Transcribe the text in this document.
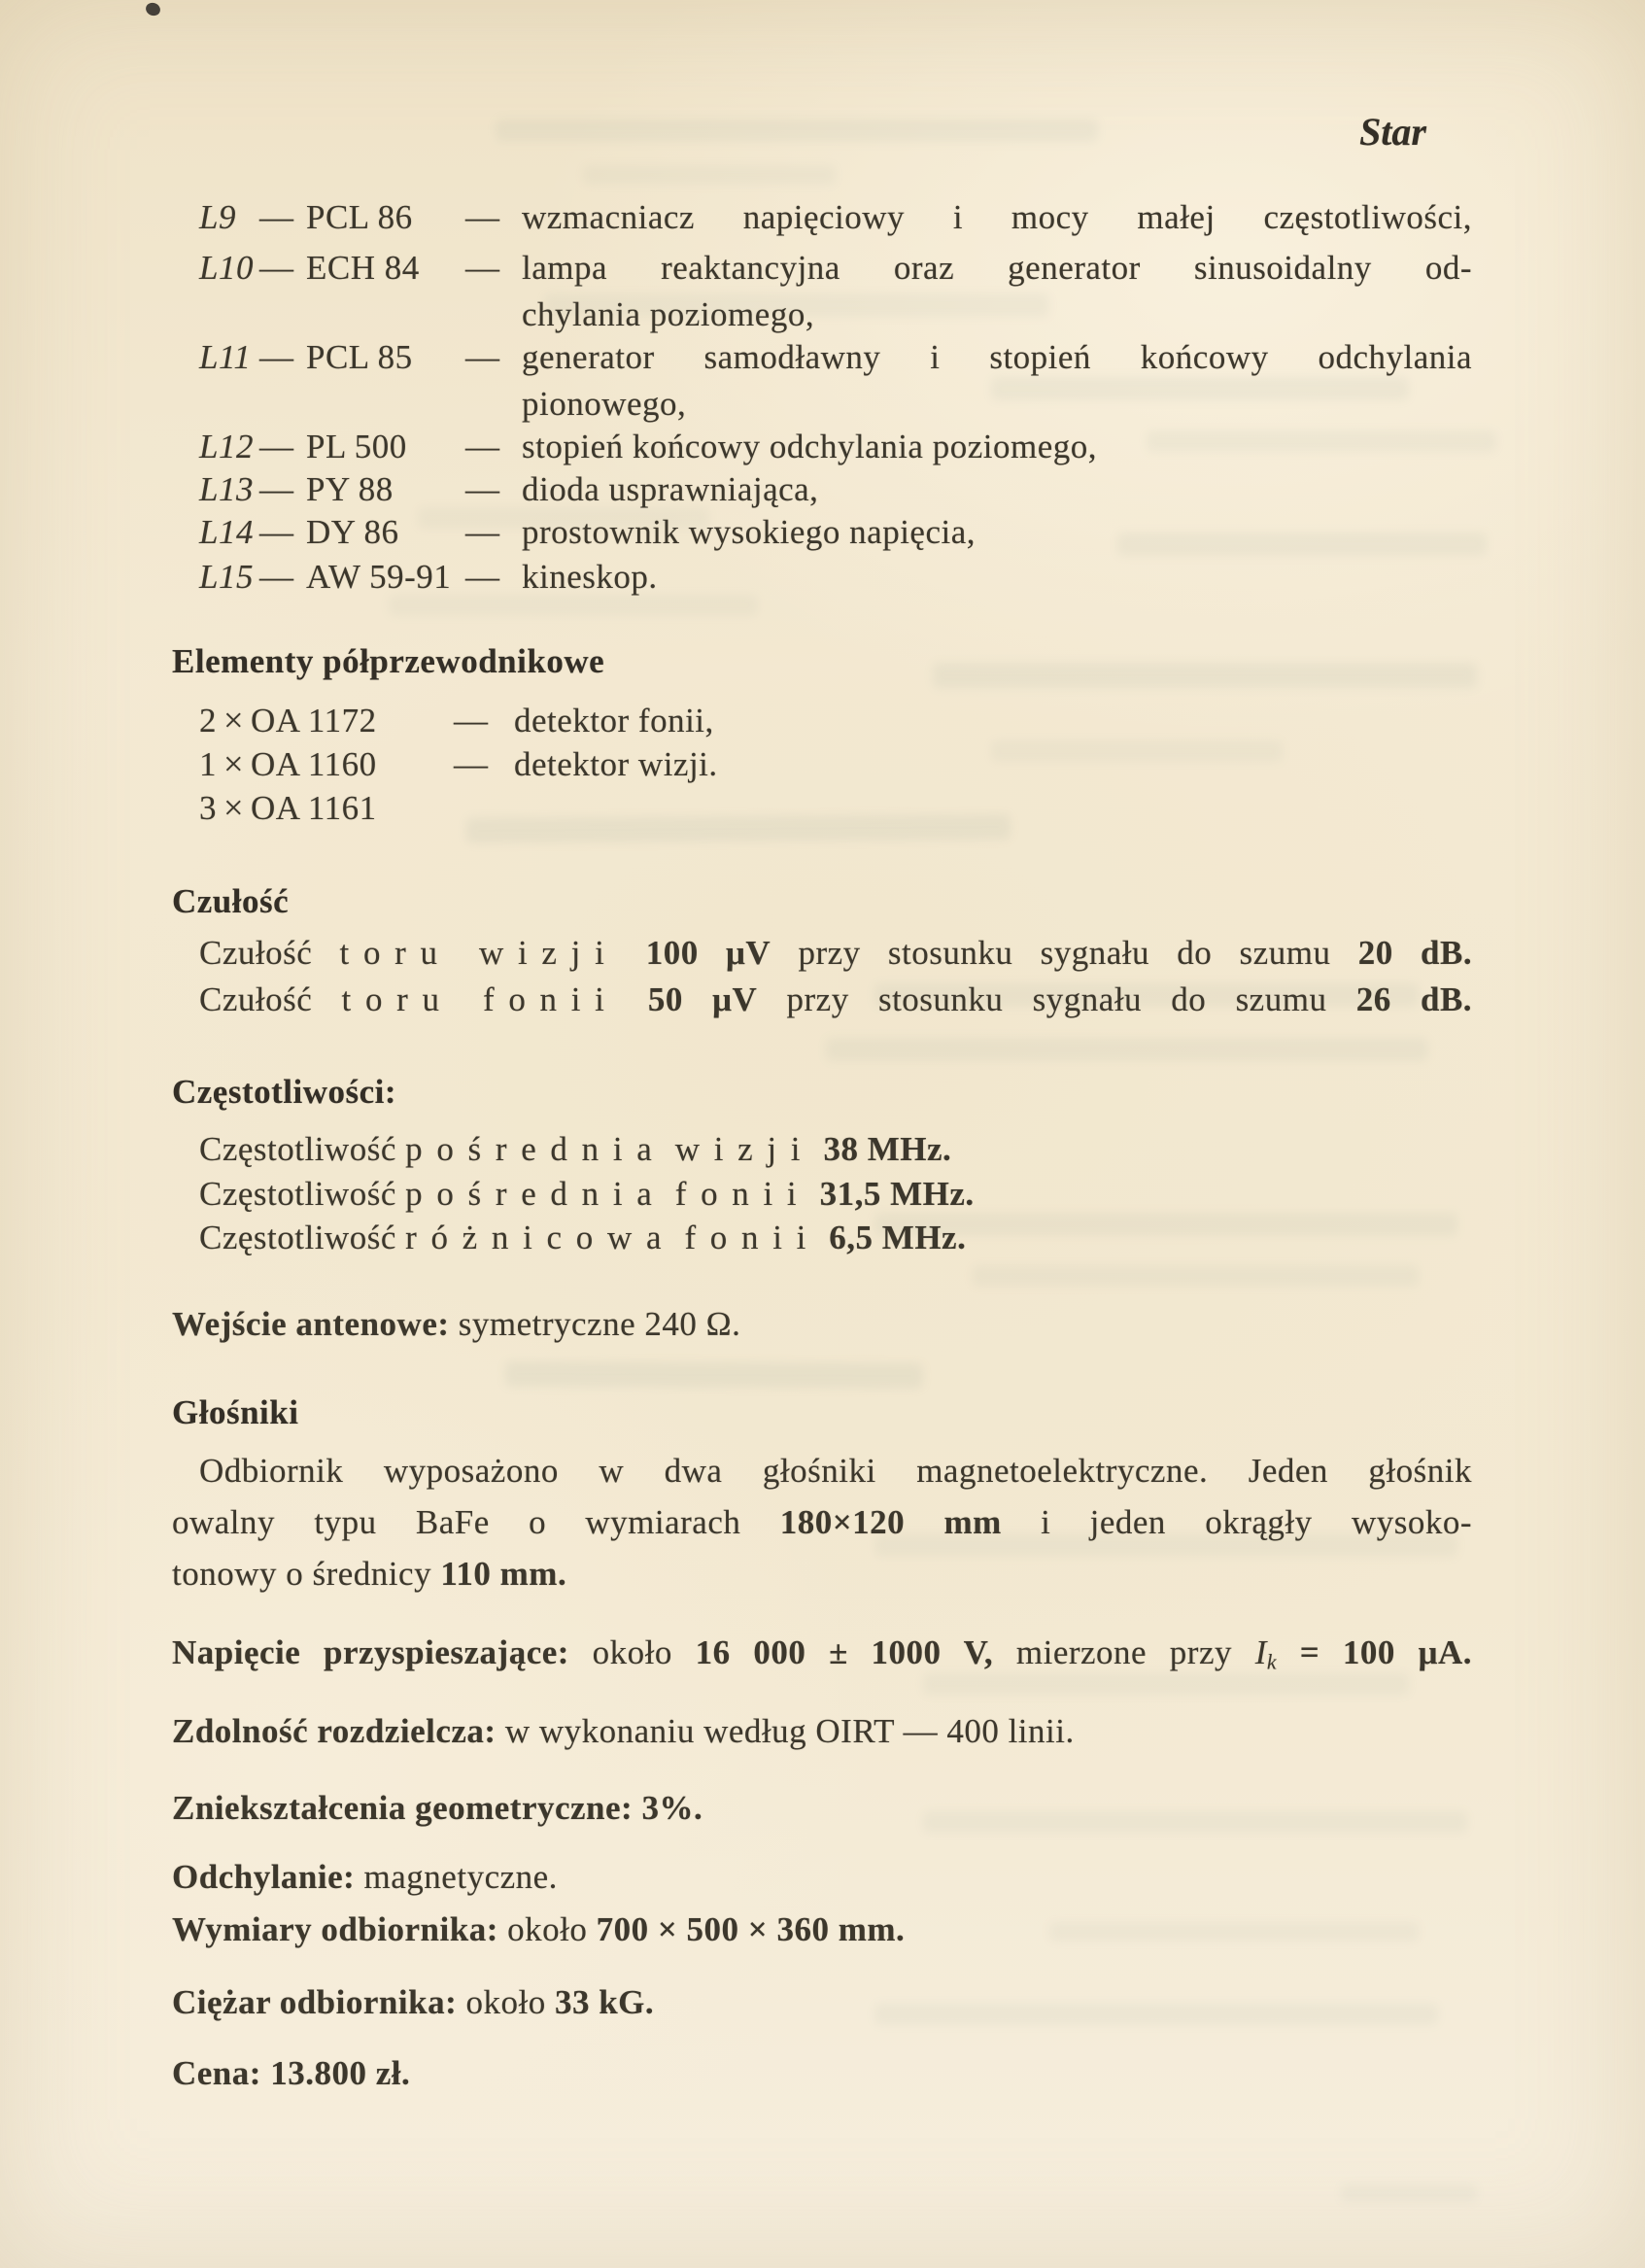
Star
L9 — PCL 86	— wzmacniacz napięciowy i mocy małej częstotliwości,
L10 — ECH 84	— lampa reaktancyjna oraz generator sinusoidalny od-
chylania poziomego,
L11 — PCL 85	— generator samodławny i stopień końcowy odchylania
pionowego,
L12 — PL 500	— stopień końcowy odchylania poziomego,
L13 — PY 88	— dioda usprawniająca,
L14 — DY 86	— prostownik wysokiego napięcia,
L15 — AW 59-91 — kineskop.
Elementy półprzewodnikowe
2 × OA 1172 — detektor fonii,
1 × OA 1160 — detektor wizji.
3 × OA 1161
Czułość
Czułość toru wizji 100 μV przy stosunku sygnału do szumu 20 dB.
Czułość toru fonii 50 μV przy stosunku sygnału do szumu 26 dB.
Częstotliwości:
Częstotliwość pośrednia wizji 38 MHz.
Częstotliwość pośrednia fonii 31,5 MHz.
Częstotliwość różnicowa fonii 6,5 MHz.
Wejście antenowe: symetryczne 240 Ω.
Głośniki
Odbiornik wyposażono w dwa głośniki magnetoelektryczne. Jeden głośnik
owalny typu BaFe o wymiarach 180×120 mm i jeden okrągły wysoko-
tonowy o średnicy 110 mm.
Napięcie przyspieszające: około 16 000 ± 1000 V, mierzone przy $I_k = 100$ μA.
Zdolność rozdzielcza: w wykonaniu według OIRT — 400 linii.
Zniekształcenia geometryczne: 3%.
Odchylanie: magnetyczne.
Wymiary odbiornika: około 700 × 500 × 360 mm.
Ciężar odbiornika: około 33 kG.
Cena: 13.800 zł.
